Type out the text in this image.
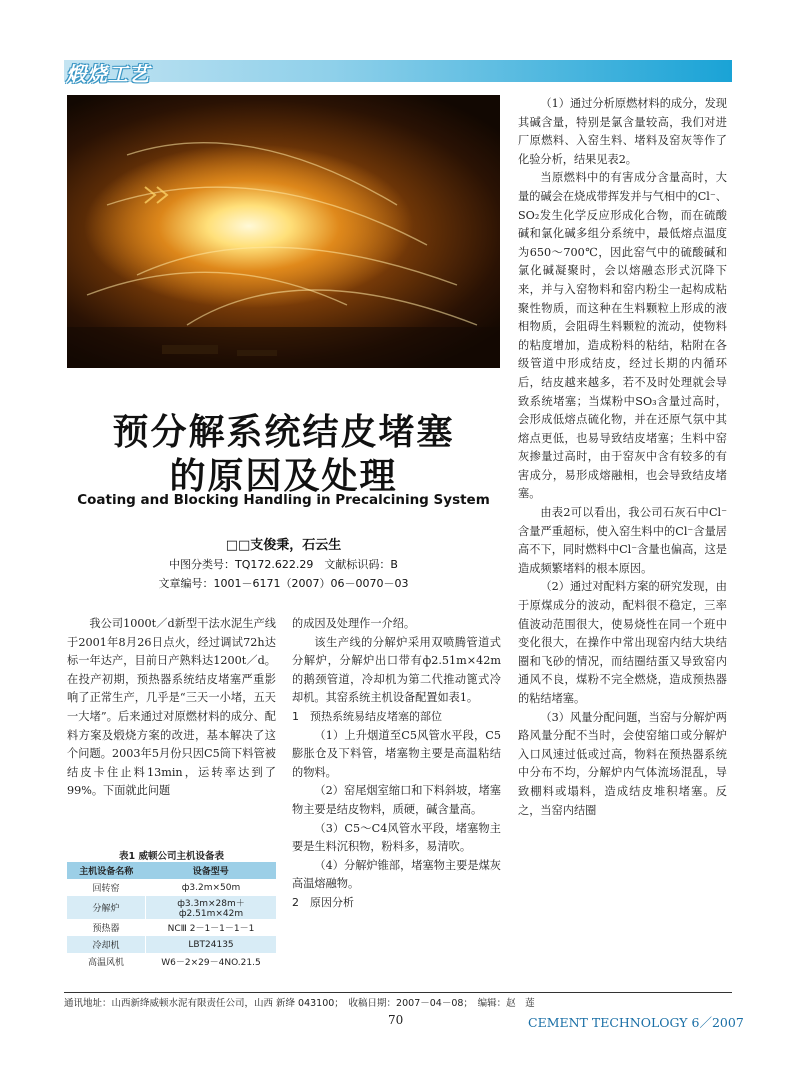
煅烧工艺
预分解系统结皮堵塞
的原因及处理
Coating and Blocking Handling in Precalcining System
□□支俊秉，石云生
中图分类号：TQ172.622.29　文献标识码：B
文章编号：1001－6171（2007）06－0070－03

我公司1000t／d新型干法水泥生产线于2001年8月26日点火，经过调试72h达标一年达产，目前日产熟料达1200t／d。在投产初期，预热器系统结皮堵塞严重影响了正常生产，几乎是“三天一小堵，五天一大堵”。后来通过对原燃材料的成分、配料方案及煅烧方案的改进，基本解决了这个问题。2003年5月份只因C5筒下料管被结皮卡住止料13min，运转率达到了99%。下面就此问题

表1 威顿公司主机设备表
主机设备名称	设备型号
回转窑	ф3.2m×50m
分解炉	ф3.3m×28m＋ф2.51m×42m
预热器	NCⅢ 2－1－1－1－1
冷却机	LBT24135
高温风机	W6－2×29－4NO.21.5

的成因及处理作一介绍。

该生产线的分解炉采用双喷腾管道式分解炉，分解炉出口带有ф2.51m×42m的鹅颈管道，冷却机为第二代推动篦式冷却机。其窑系统主机设备配置如表1。

1　预热系统易结皮堵塞的部位

（1）上升烟道至C5风管水平段，C5膨胀仓及下料管，堵塞物主要是高温粘结的物料。

（2）窑尾烟室缩口和下料斜坡，堵塞物主要是结皮物料，质硬，碱含量高。

（3）C5～C4风管水平段，堵塞物主要是生料沉积物，粉料多，易清吹。

（4）分解炉锥部，堵塞物主要是煤灰高温熔融物。

2　原因分析

（1）通过分析原燃材料的成分，发现其碱含量，特别是氯含量较高，我们对进厂原燃料、入窑生料、堵料及窑灰等作了化验分析，结果见表2。

当原燃料中的有害成分含量高时，大量的碱会在烧成带挥发并与气相中的Cl⁻、SO₂发生化学反应形成化合物，而在硫酸碱和氯化碱多组分系统中，最低熔点温度为650～700℃，因此窑气中的硫酸碱和氯化碱凝聚时，会以熔融态形式沉降下来，并与入窑物料和窑内粉尘一起构成粘聚性物质，而这种在生料颗粒上形成的液相物质，会阻碍生料颗粒的流动，使物料的粘度增加，造成粉料的粘结，粘附在各级管道中形成结皮，经过长期的内循环后，结皮越来越多，若不及时处理就会导致系统堵塞；当煤粉中SO₃含量过高时，会形成低熔点硫化物，并在还原气氛中其熔点更低，也易导致结皮堵塞；生料中窑灰掺量过高时，由于窑灰中含有较多的有害成分，易形成熔融相，也会导致结皮堵塞。

由表2可以看出，我公司石灰石中Cl⁻含量严重超标，使入窑生料中的Cl⁻含量居高不下，同时燃料中Cl⁻含量也偏高，这是造成频繁堵料的根本原因。

（2）通过对配料方案的研究发现，由于原煤成分的波动，配料很不稳定，三率值波动范围很大，使易烧性在同一个班中变化很大，在操作中常出现窑内结大块结圈和飞砂的情况，而结圈结蛋又导致窑内通风不良，煤粉不完全燃烧，造成预热器的粘结堵塞。

（3）风量分配问题，当窑与分解炉两路风量分配不当时，会使窑缩口或分解炉入口风速过低或过高，物料在预热器系统中分布不均，分解炉内气体流场混乱，导致棚料或塌料，造成结皮堆积堵塞。反之，当窑内结圈

通讯地址：山西新绛威顿水泥有限责任公司，山西 新绛 043100；　收稿日期：2007－04－08；　编辑：赵　莲
70	CEMENT TECHNOLOGY 6／2007
